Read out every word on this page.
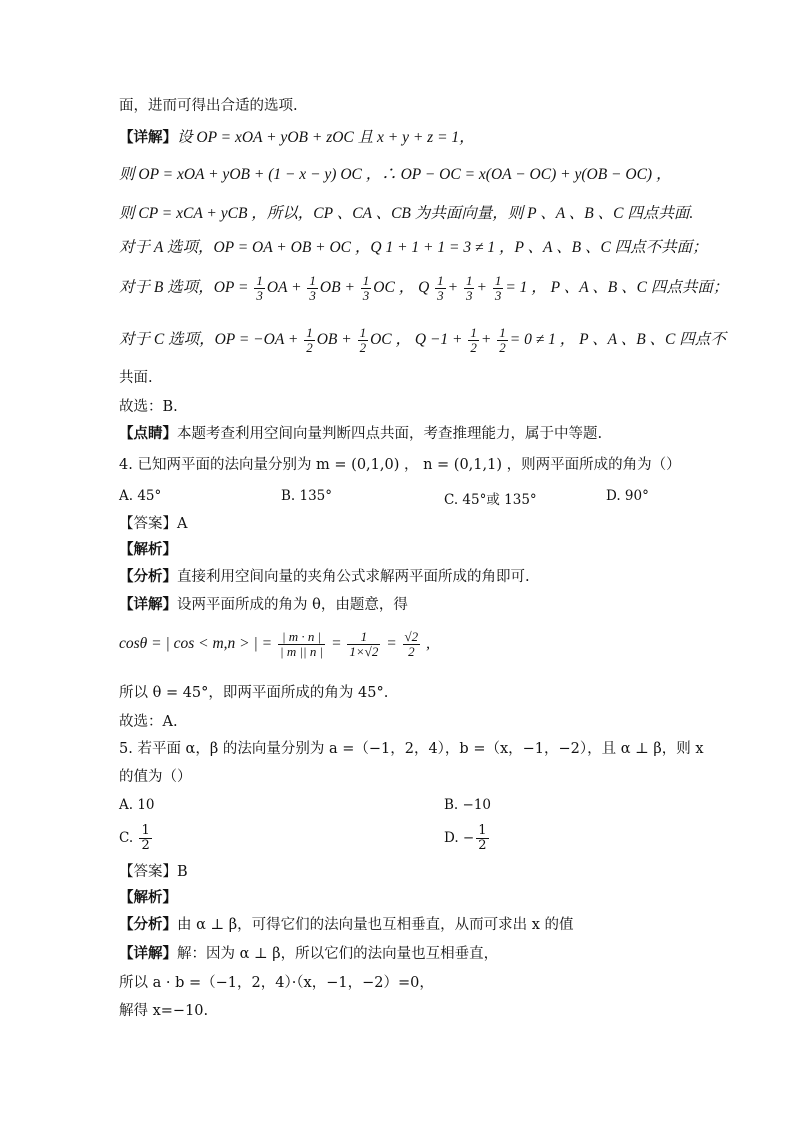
面，进而可得出合适的选项.
【详解】设 OP = xOA + yOB + zOC 且 x + y + z = 1，
则 OP = xOA + yOB + (1 − x − y) OC ，∴ OP − OC = x(OA − OC) + y(OB − OC) ，
则 CP = xCA + yCB ，所以，CP 、CA 、CB 为共面向量，则 P 、A 、B 、C 四点共面.
对于 A 选项，OP = OA + OB + OC ，Q 1 + 1 + 1 = 3 ≠ 1 ，P 、A 、B 、C 四点不共面；
对于 B 选项，OP = $\frac{1}{3}$ OA + $\frac{1}{3}$ OB + $\frac{1}{3}$ OC ， Q $\frac{1}{3} + \frac{1}{3} + \frac{1}{3} = 1$ ， P 、A 、B 、C 四点共面；
对于 C 选项，OP = $-OA + \frac{1}{2}$ OB + $\frac{1}{2}$ OC ， $Q -1 + \frac{1}{2} + \frac{1}{2} = 0 \ne 1$ ， P 、A 、B 、C 四点不
共面.
故选：B.
【点睛】本题考查利用空间向量判断四点共面，考查推理能力，属于中等题.
4. 已知两平面的法向量分别为 m = (0,1,0) ， n = (0,1,1) ，则两平面所成的角为（）
A. 45°	B. 135°	C. 45°或 135°	D. 90°
【答案】A
【解析】
【分析】直接利用空间向量的夹角公式求解两平面所成的角即可.
【详解】设两平面所成的角为 θ，由题意，得
cosθ = | cos < m,n > | = $\frac{| m \cdot n |}{| m || n |} = \frac{1}{1\times√2} = \frac{√2}{2}$ ,
所以 θ = 45°，即两平面所成的角为 45°.
故选：A.
5. 若平面 α，β 的法向量分别为 a =（−1，2，4），b =（x，−1，−2），且 α ⊥ β，则 x
的值为（）
A. 10	B. −10
C. $\frac{1}{2}$	D. − $\frac{1}{2}$
【答案】B
【解析】
【分析】由 α ⊥ β，可得它们的法向量也互相垂直，从而可求出 x 的值
【详解】解：因为 α ⊥ β，所以它们的法向量也互相垂直，
所以 a · b =（−1，2，4）·（x，−1，−2）=0，
解得 x=−10.
